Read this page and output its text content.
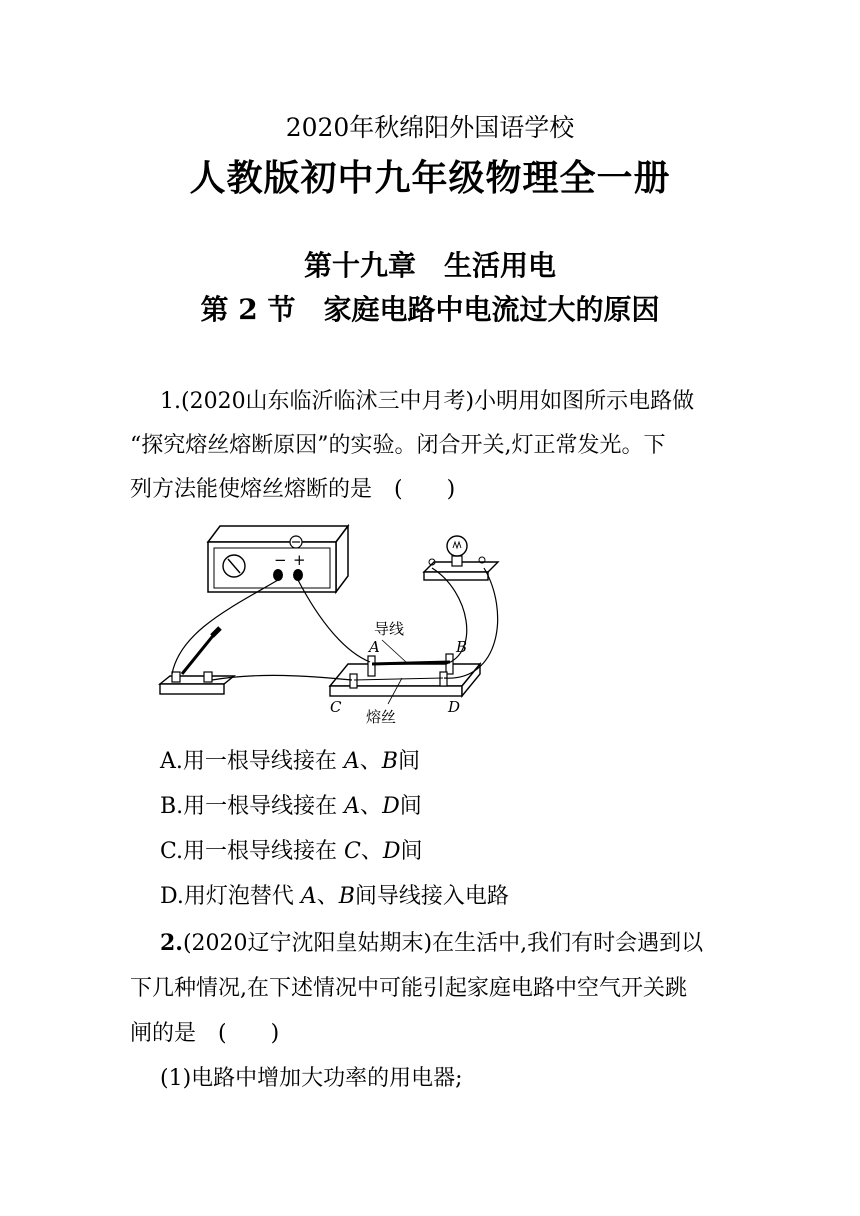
2020年秋绵阳外国语学校
人教版初中九年级物理全一册
第十九章　生活用电
第 2 节　家庭电路中电流过大的原因
1.(2020山东临沂临沭三中月考)小明用如图所示电路做
“探究熔丝熔断原因”的实验。闭合开关,灯正常发光。下
列方法能使熔丝熔断的是　(　　)
− +
导线
熔丝
A	B
C	D
A.用一根导线接在 A、B间
B.用一根导线接在 A、D间
C.用一根导线接在 C、D间
D.用灯泡替代 A、B间导线接入电路
2.(2020辽宁沈阳皇姑期末)在生活中,我们有时会遇到以
下几种情况,在下述情况中可能引起家庭电路中空气开关跳
闸的是　(　　)
(1)电路中增加大功率的用电器;
